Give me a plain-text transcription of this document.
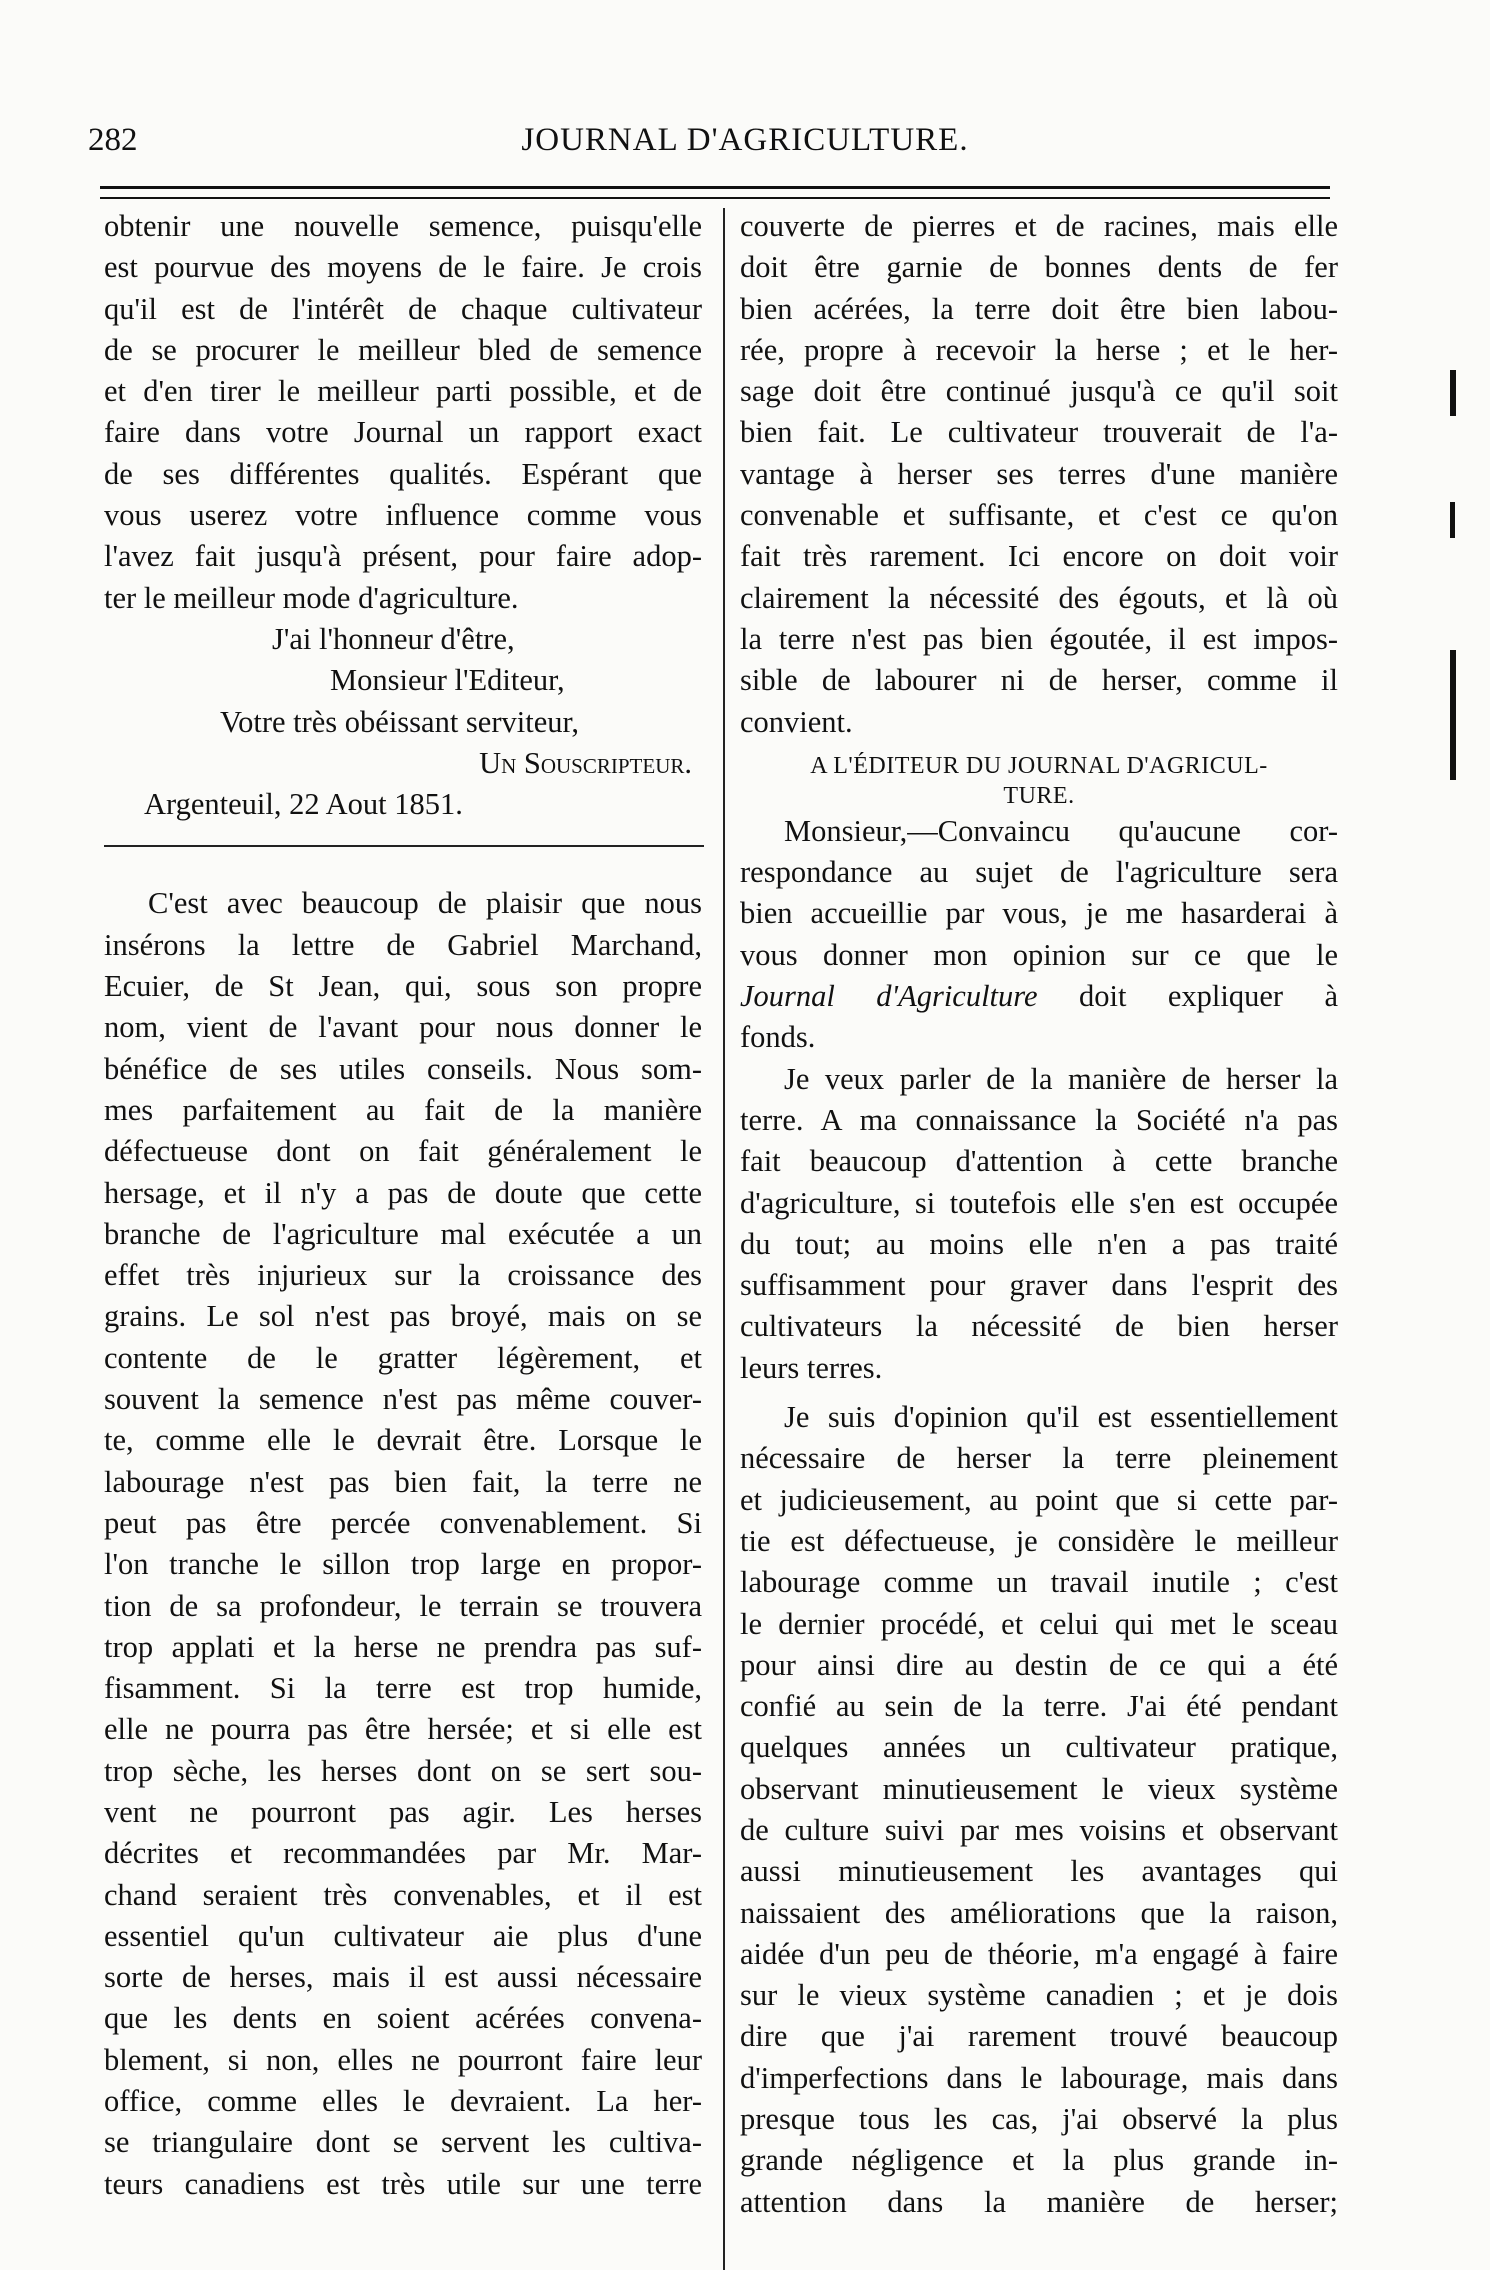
282	JOURNAL D'AGRICULTURE.
obtenir une nouvelle semence, puisqu'elle
est pourvue des moyens de le faire. Je crois
qu'il est de l'intérêt de chaque cultivateur
de se procurer le meilleur bled de semence
et d'en tirer le meilleur parti possible, et de
faire dans votre Journal un rapport exact
de ses différentes qualités. Espérant que
vous userez votre influence comme vous
l'avez fait jusqu'à présent, pour faire adop-
ter le meilleur mode d'agriculture.
J'ai l'honneur d'être,
Monsieur l'Editeur,
Votre très obéissant serviteur,
Un Souscripteur.
Argenteuil, 22 Aout 1851.
C'est avec beaucoup de plaisir que nous
insérons la lettre de Gabriel Marchand,
Ecuier, de St Jean, qui, sous son propre
nom, vient de l'avant pour nous donner le
bénéfice de ses utiles conseils. Nous som-
mes parfaitement au fait de la manière
défectueuse dont on fait généralement le
hersage, et il n'y a pas de doute que cette
branche de l'agriculture mal exécutée a un
effet très injurieux sur la croissance des
grains. Le sol n'est pas broyé, mais on se
contente de le gratter légèrement, et
souvent la semence n'est pas même couver-
te, comme elle le devrait être. Lorsque le
labourage n'est pas bien fait, la terre ne
peut pas être percée convenablement. Si
l'on tranche le sillon trop large en propor-
tion de sa profondeur, le terrain se trouvera
trop applati et la herse ne prendra pas suf-
fisamment. Si la terre est trop humide,
elle ne pourra pas être hersée; et si elle est
trop sèche, les herses dont on se sert sou-
vent ne pourront pas agir. Les herses
décrites et recommandées par Mr. Mar-
chand seraient très convenables, et il est
essentiel qu'un cultivateur aie plus d'une
sorte de herses, mais il est aussi nécessaire
que les dents en soient acérées convena-
blement, si non, elles ne pourront faire leur
office, comme elles le devraient. La her-
se triangulaire dont se servent les cultiva-
teurs canadiens est très utile sur une terre
couverte de pierres et de racines, mais elle
doit être garnie de bonnes dents de fer
bien acérées, la terre doit être bien labou-
rée, propre à recevoir la herse ; et le her-
sage doit être continué jusqu'à ce qu'il soit
bien fait. Le cultivateur trouverait de l'a-
vantage à herser ses terres d'une manière
convenable et suffisante, et c'est ce qu'on
fait très rarement. Ici encore on doit voir
clairement la nécessité des égouts, et là où
la terre n'est pas bien égoutée, il est impos-
sible de labourer ni de herser, comme il
convient.
A L'ÉDITEUR DU JOURNAL D'AGRICUL-
TURE.
Monsieur,—Convaincu qu'aucune cor-
respondance au sujet de l'agriculture sera
bien accueillie par vous, je me hasarderai à
vous donner mon opinion sur ce que le
Journal d'Agriculture doit expliquer à
fonds.
Je veux parler de la manière de herser la
terre. A ma connaissance la Société n'a pas
fait beaucoup d'attention à cette branche
d'agriculture, si toutefois elle s'en est occupée
du tout; au moins elle n'en a pas traité
suffisamment pour graver dans l'esprit des
cultivateurs la nécessité de bien herser
leurs terres.
Je suis d'opinion qu'il est essentiellement
nécessaire de herser la terre pleinement
et judicieusement, au point que si cette par-
tie est défectueuse, je considère le meilleur
labourage comme un travail inutile ; c'est
le dernier procédé, et celui qui met le sceau
pour ainsi dire au destin de ce qui a été
confié au sein de la terre. J'ai été pendant
quelques années un cultivateur pratique,
observant minutieusement le vieux système
de culture suivi par mes voisins et observant
aussi minutieusement les avantages qui
naissaient des améliorations que la raison,
aidée d'un peu de théorie, m'a engagé à faire
sur le vieux système canadien ; et je dois
dire que j'ai rarement trouvé beaucoup
d'imperfections dans le labourage, mais dans
presque tous les cas, j'ai observé la plus
grande négligence et la plus grande in-
attention dans la manière de herser;
